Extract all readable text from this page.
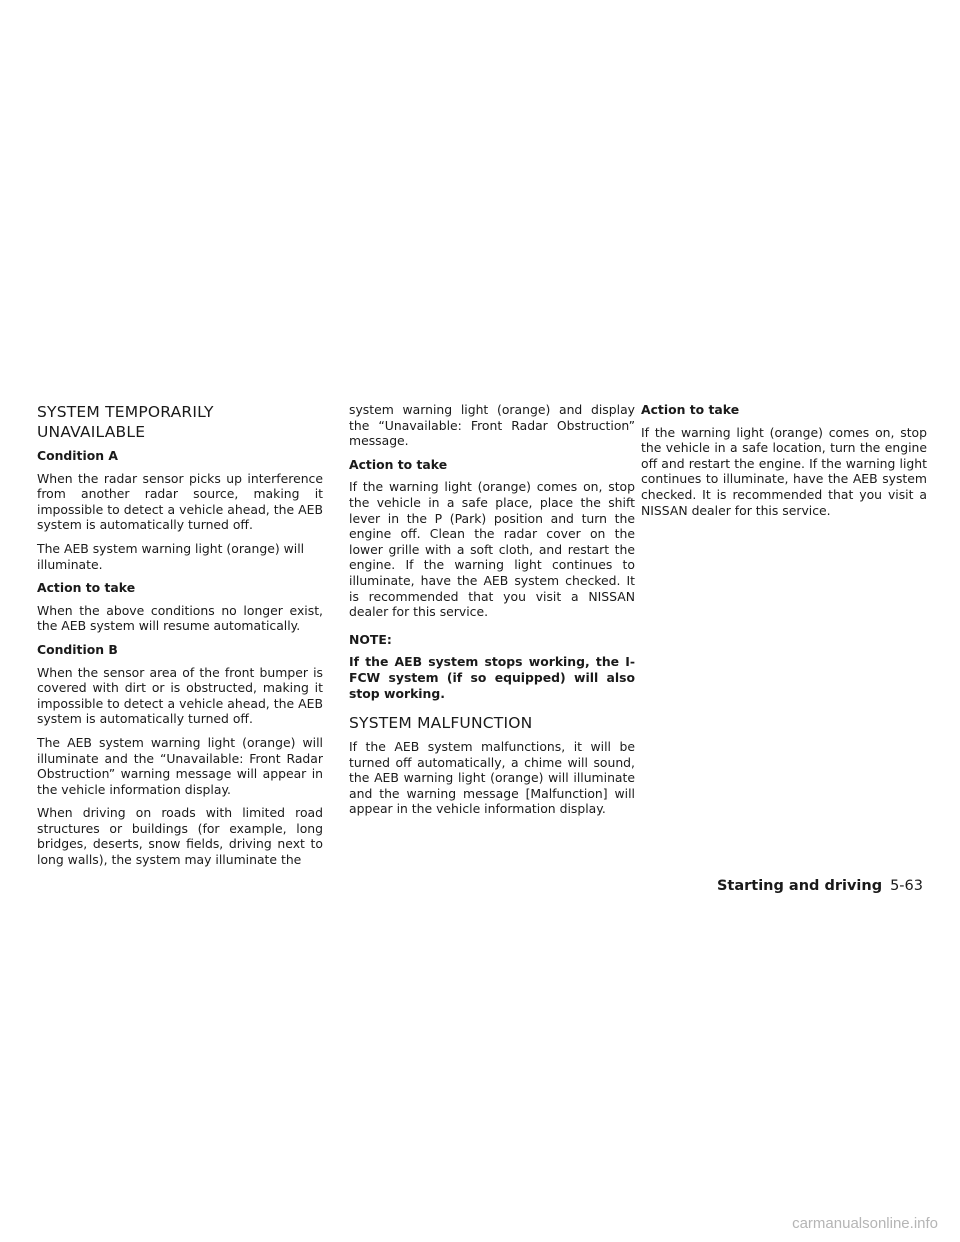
SYSTEM TEMPORARILY UNAVAILABLE
Condition A

When the radar sensor picks up interference from another radar source, making it impossible to detect a vehicle ahead, the AEB system is automatically turned off.

The AEB system warning light (orange) will illuminate.

Action to take

When the above conditions no longer exist, the AEB system will resume automatically.

Condition B

When the sensor area of the front bumper is covered with dirt or is obstructed, making it impossible to detect a vehicle ahead, the AEB system is automatically turned off.

The AEB system warning light (orange) will illuminate and the “Unavailable: Front Radar Obstruction” warning message will appear in the vehicle information display.

When driving on roads with limited road structures or buildings (for example, long bridges, deserts, snow fields, driving next to long walls), the system may illuminate the

system warning light (orange) and display the “Unavailable: Front Radar Obstruction” message.

Action to take

If the warning light (orange) comes on, stop the vehicle in a safe place, place the shift lever in the P (Park) position and turn the engine off. Clean the radar cover on the lower grille with a soft cloth, and restart the engine. If the warning light continues to illuminate, have the AEB system checked. It is recommended that you visit a NISSAN dealer for this service.

NOTE:

If the AEB system stops working, the I-FCW system (if so equipped) will also stop working.

SYSTEM MALFUNCTION

If the AEB system malfunctions, it will be turned off automatically, a chime will sound, the AEB warning light (orange) will illuminate and the warning message [Malfunction] will appear in the vehicle information display.

Action to take

If the warning light (orange) comes on, stop the vehicle in a safe location, turn the engine off and restart the engine. If the warning light continues to illuminate, have the AEB system checked. It is recommended that you visit a NISSAN dealer for this service.

Starting and driving 5-63
carmanualsonline.info
